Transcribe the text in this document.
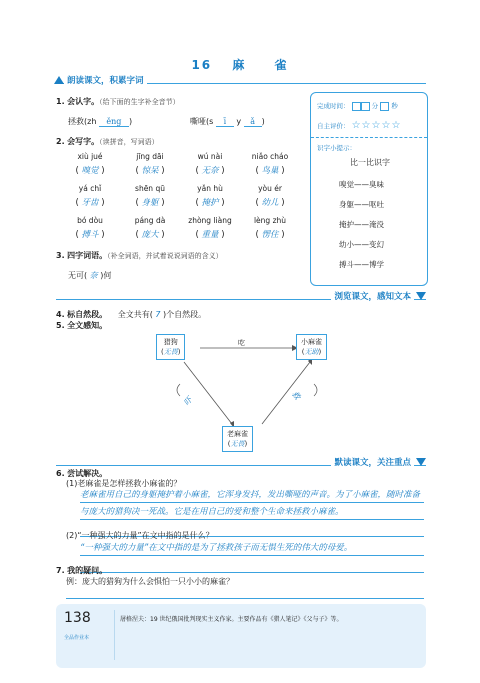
16 麻 雀
朗读课文，积累字词
1. 会认字。（给下面的生字补全音节）
拯救(zh ěng )	嘶哑(s ī y ǎ )
2. 会写字。（读拼音，写词语）
xiù jué
( 嗅觉 )
jīng dāi
( 惊呆 )
wú nài
( 无奈 )
niǎo cháo
( 鸟巢 )
yá chǐ
( 牙齿 )
shēn qū
( 身躯 )
yǎn hù
( 掩护 )
yòu ér
( 幼儿 )
bó dòu
( 搏斗 )
páng dà
( 庞大 )
zhòng liàng
( 重量 )
lèng zhù
( 愣住 )
3. 四字词语。（补全词语，并试着说说词语的含义）
无可( 奈 )何
完成时间：	分 秒
自主评价： ☆☆☆☆☆
识字小提示：
比一比识字
嗅觉——臭味
身躯——呕吐
掩护——淹没
幼小——变幻
搏斗——博学
浏览课文，感知文本
4. 标自然段。 全文共有( 7 )个自然段。
5. 全文感知。
猎狗
(无畏)
小麻雀
(无助)
老麻雀
(无畏)
吃
吓
救
默读课文，关注重点
6. 尝试解决。
(1)老麻雀是怎样拯救小麻雀的？
老麻雀用自己的身躯掩护着小麻雀，它浑身发抖，发出嘶哑的声音。为了小麻雀，随时准备与庞大的猎狗决一死战。它是在用自己的爱和整个生命来拯救小麻雀。
(2)“一种强大的力量”在文中指的是什么？
“一种强大的力量”在文中指的是为了拯救孩子而无惧生死的伟大的母爱。
7. 我的疑问。
例：庞大的猎狗为什么会惧怕一只小小的麻雀？
138
全品作业本
屠格涅夫：19 世纪俄国批判现实主义作家。主要作品有《猎人笔记》《父与子》等。
